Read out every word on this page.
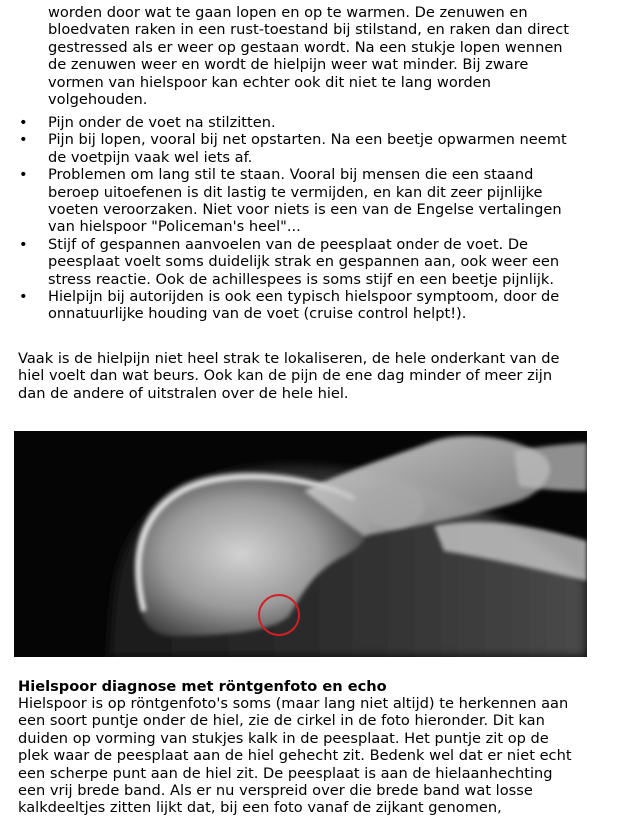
worden door wat te gaan lopen en op te warmen. De zenuwen en
bloedvaten raken in een rust-toestand bij stilstand, en raken dan direct
gestressed als er weer op gestaan wordt. Na een stukje lopen wennen
de zenuwen weer en wordt de hielpijn weer wat minder. Bij zware
vormen van hielspoor kan echter ook dit niet te lang worden
volgehouden.
• Pijn onder de voet na stilzitten.
• Pijn bij lopen, vooral bij net opstarten. Na een beetje opwarmen neemt
de voetpijn vaak wel iets af.
• Problemen om lang stil te staan. Vooral bij mensen die een staand
beroep uitoefenen is dit lastig te vermijden, en kan dit zeer pijnlijke
voeten veroorzaken. Niet voor niets is een van de Engelse vertalingen
van hielspoor "Policeman's heel"...
• Stijf of gespannen aanvoelen van de peesplaat onder de voet. De
peesplaat voelt soms duidelijk strak en gespannen aan, ook weer een
stress reactie. Ook de achillespees is soms stijf en een beetje pijnlijk.
• Hielpijn bij autorijden is ook een typisch hielspoor symptoom, door de
onnatuurlijke houding van de voet (cruise control helpt!).
Vaak is de hielpijn niet heel strak te lokaliseren, de hele onderkant van de
hiel voelt dan wat beurs. Ook kan de pijn de ene dag minder of meer zijn
dan de andere of uitstralen over de hele hiel.
Hielspoor diagnose met röntgenfoto en echo
Hielspoor is op röntgenfoto's soms (maar lang niet altijd) te herkennen aan
een soort puntje onder de hiel, zie de cirkel in de foto hieronder. Dit kan
duiden op vorming van stukjes kalk in de peesplaat. Het puntje zit op de
plek waar de peesplaat aan de hiel gehecht zit. Bedenk wel dat er niet echt
een scherpe punt aan de hiel zit. De peesplaat is aan de hielaanhechting
een vrij brede band. Als er nu verspreid over die brede band wat losse
kalkdeeltjes zitten lijkt dat, bij een foto vanaf de zijkant genomen,
